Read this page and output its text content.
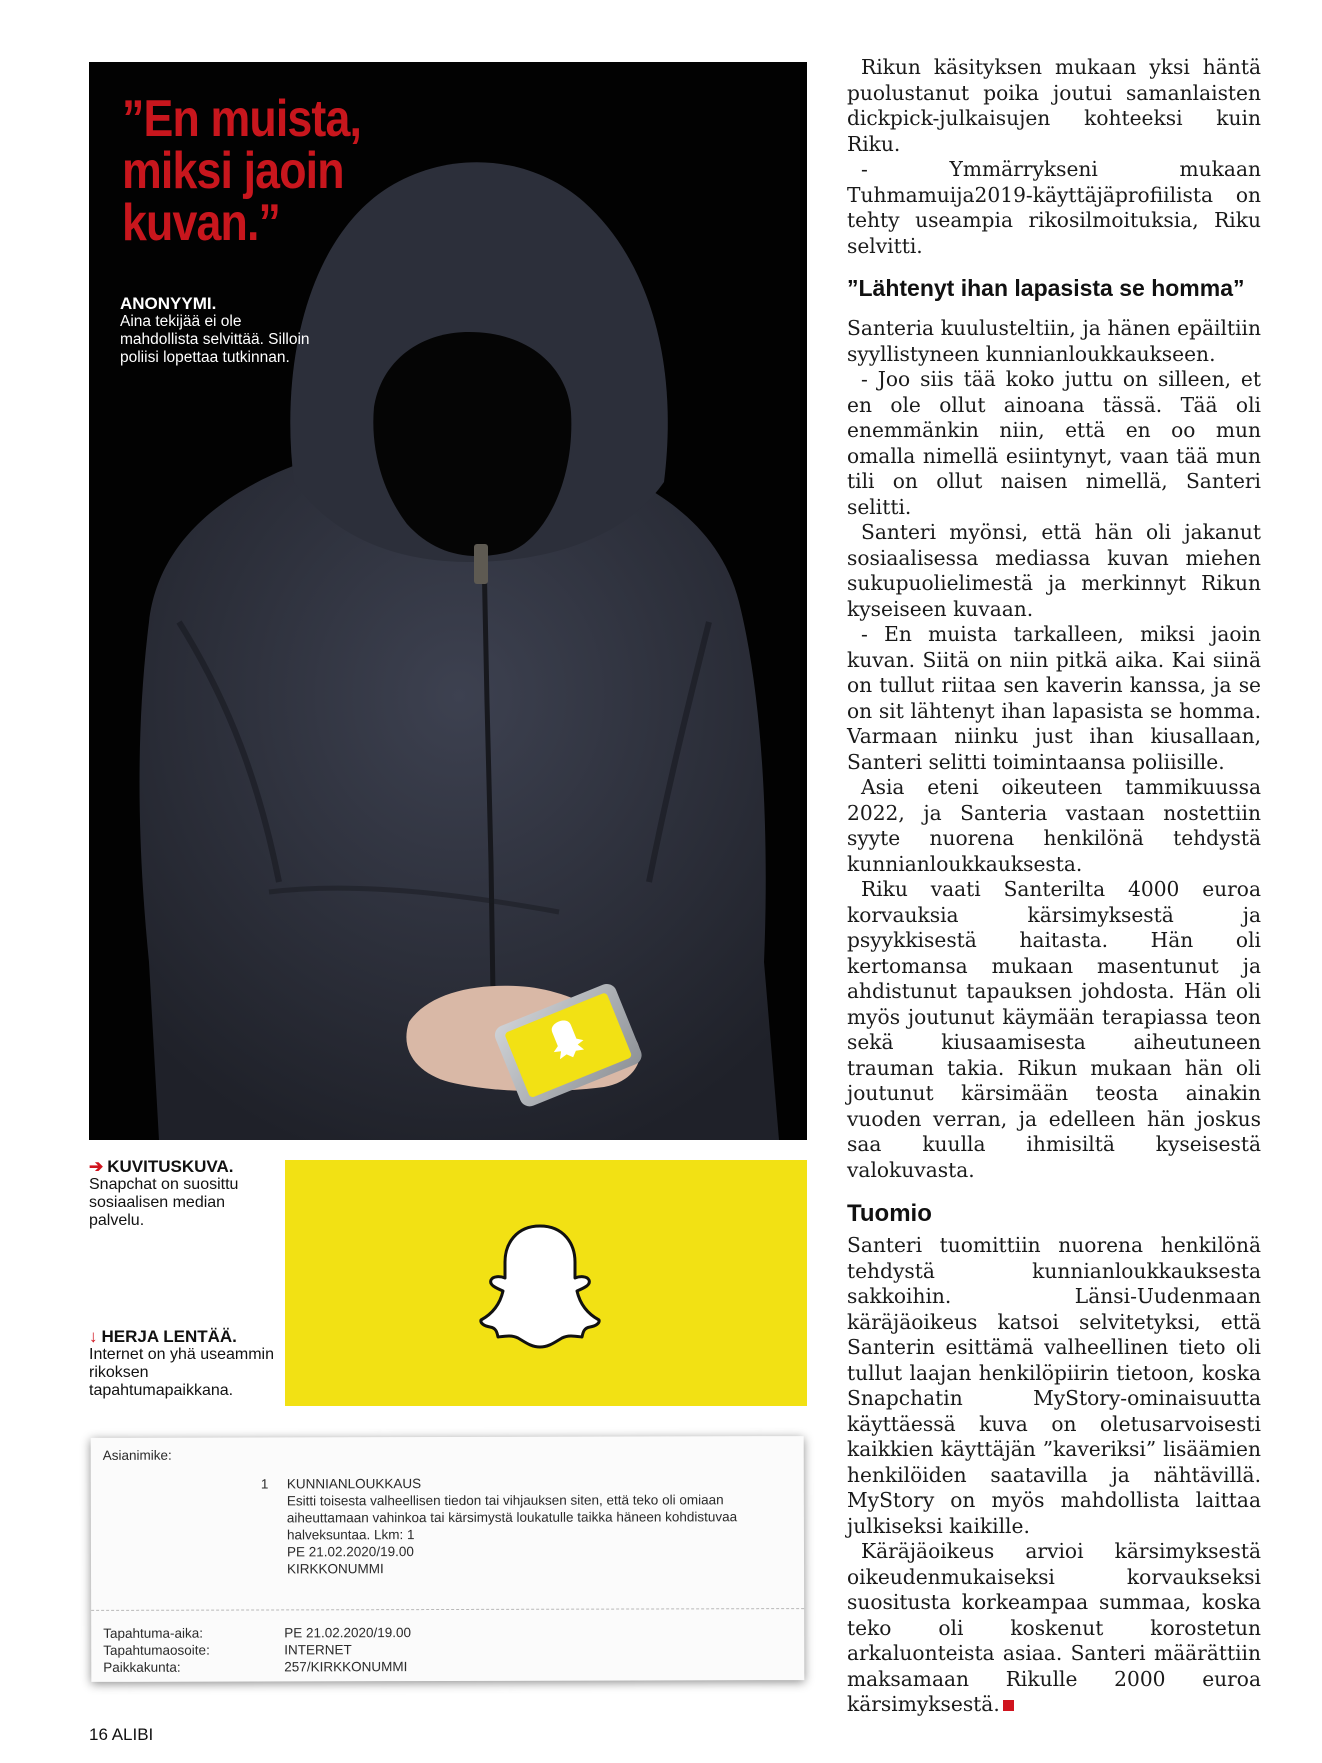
”En muista, miksi jaoin kuvan.”

ANONYYMI.
Aina tekijää ei ole mahdollista selvittää. Silloin poliisi lopettaa tutkinnan.
➔ KUVITUSKUVA.
Snapchat on suosittu sosiaalisen median palvelu.
↓ HERJA LENTÄÄ.
Internet on yhä useammin rikoksen tapahtumapaikkana.
Asianimike:
1 KUNNIANLOUKKAUS
Esitti toisesta valheellisen tiedon tai vihjauksen siten, että teko oli omiaan aiheuttamaan vahinkoa tai kärsimystä loukatulle taikka häneen kohdistuvaa halveksuntaa. Lkm: 1
PE 21.02.2020/19.00
KIRKKONUMMI
Tapahtuma-aika:	PE 21.02.2020/19.00
Tapahtumaosoite:	INTERNET
Paikkakunta:	257/KIRKKONUMMI

Rikun käsityksen mukaan yksi häntä puolustanut poika joutui samanlaisten dickpick-julkaisujen kohteeksi kuin Riku.

- Ymmärrykseni mukaan Tuhmamuija2019-käyttäjäprofiilista on tehty useampia rikosilmoituksia, Riku selvitti.

”Lähtenyt ihan lapasista se homma”

Santeria kuulusteltiin, ja hänen epäiltiin syyllistyneen kunnianloukkaukseen.

- Joo siis tää koko juttu on silleen, et en ole ollut ainoana tässä. Tää oli enemmänkin niin, että en oo mun omalla nimellä esiintynyt, vaan tää mun tili on ollut naisen nimellä, Santeri selitti.

Santeri myönsi, että hän oli jakanut sosiaalisessa mediassa kuvan miehen sukupuolielimestä ja merkinnyt Rikun kyseiseen kuvaan.

- En muista tarkalleen, miksi jaoin kuvan. Siitä on niin pitkä aika. Kai siinä on tullut riitaa sen kaverin kanssa, ja se on sit lähtenyt ihan lapasista se homma. Varmaan niinku just ihan kiusallaan, Santeri selitti toimintaansa poliisille.

Asia eteni oikeuteen tammikuussa 2022, ja Santeria vastaan nostettiin syyte nuorena henkilönä tehdystä kunnianloukkauksesta.

Riku vaati Santerilta 4000 euroa korvauksia kärsimyksestä ja psyykkisestä haitasta. Hän oli kertomansa mukaan masentunut ja ahdistunut tapauksen johdosta. Hän oli myös joutunut käymään terapiassa teon sekä kiusaamisesta aiheutuneen trauman takia. Rikun mukaan hän oli joutunut kärsimään teosta ainakin vuoden verran, ja edelleen hän joskus saa kuulla ihmisiltä kyseisestä valokuvasta.

Tuomio

Santeri tuomittiin nuorena henkilönä tehdystä kunnianloukkauksesta sakkoihin. Länsi-Uudenmaan käräjäoikeus katsoi selvitetyksi, että Santerin esittämä valheellinen tieto oli tullut laajan henkilöpiirin tietoon, koska Snapchatin MyStory-ominaisuutta käyttäessä kuva on oletusarvoisesti kaikkien käyttäjän ”kaveriksi” lisäämien henkilöiden saatavilla ja nähtävillä. MyStory on myös mahdollista laittaa julkiseksi kaikille.

Käräjäoikeus arvioi kärsimyksestä oikeudenmukaiseksi korvaukseksi suositusta korkeampaa summaa, koska teko oli koskenut korostetun arkaluonteista asiaa. Santeri määrättiin maksamaan Rikulle 2000 euroa kärsimyksestä.

16 ALIBI
